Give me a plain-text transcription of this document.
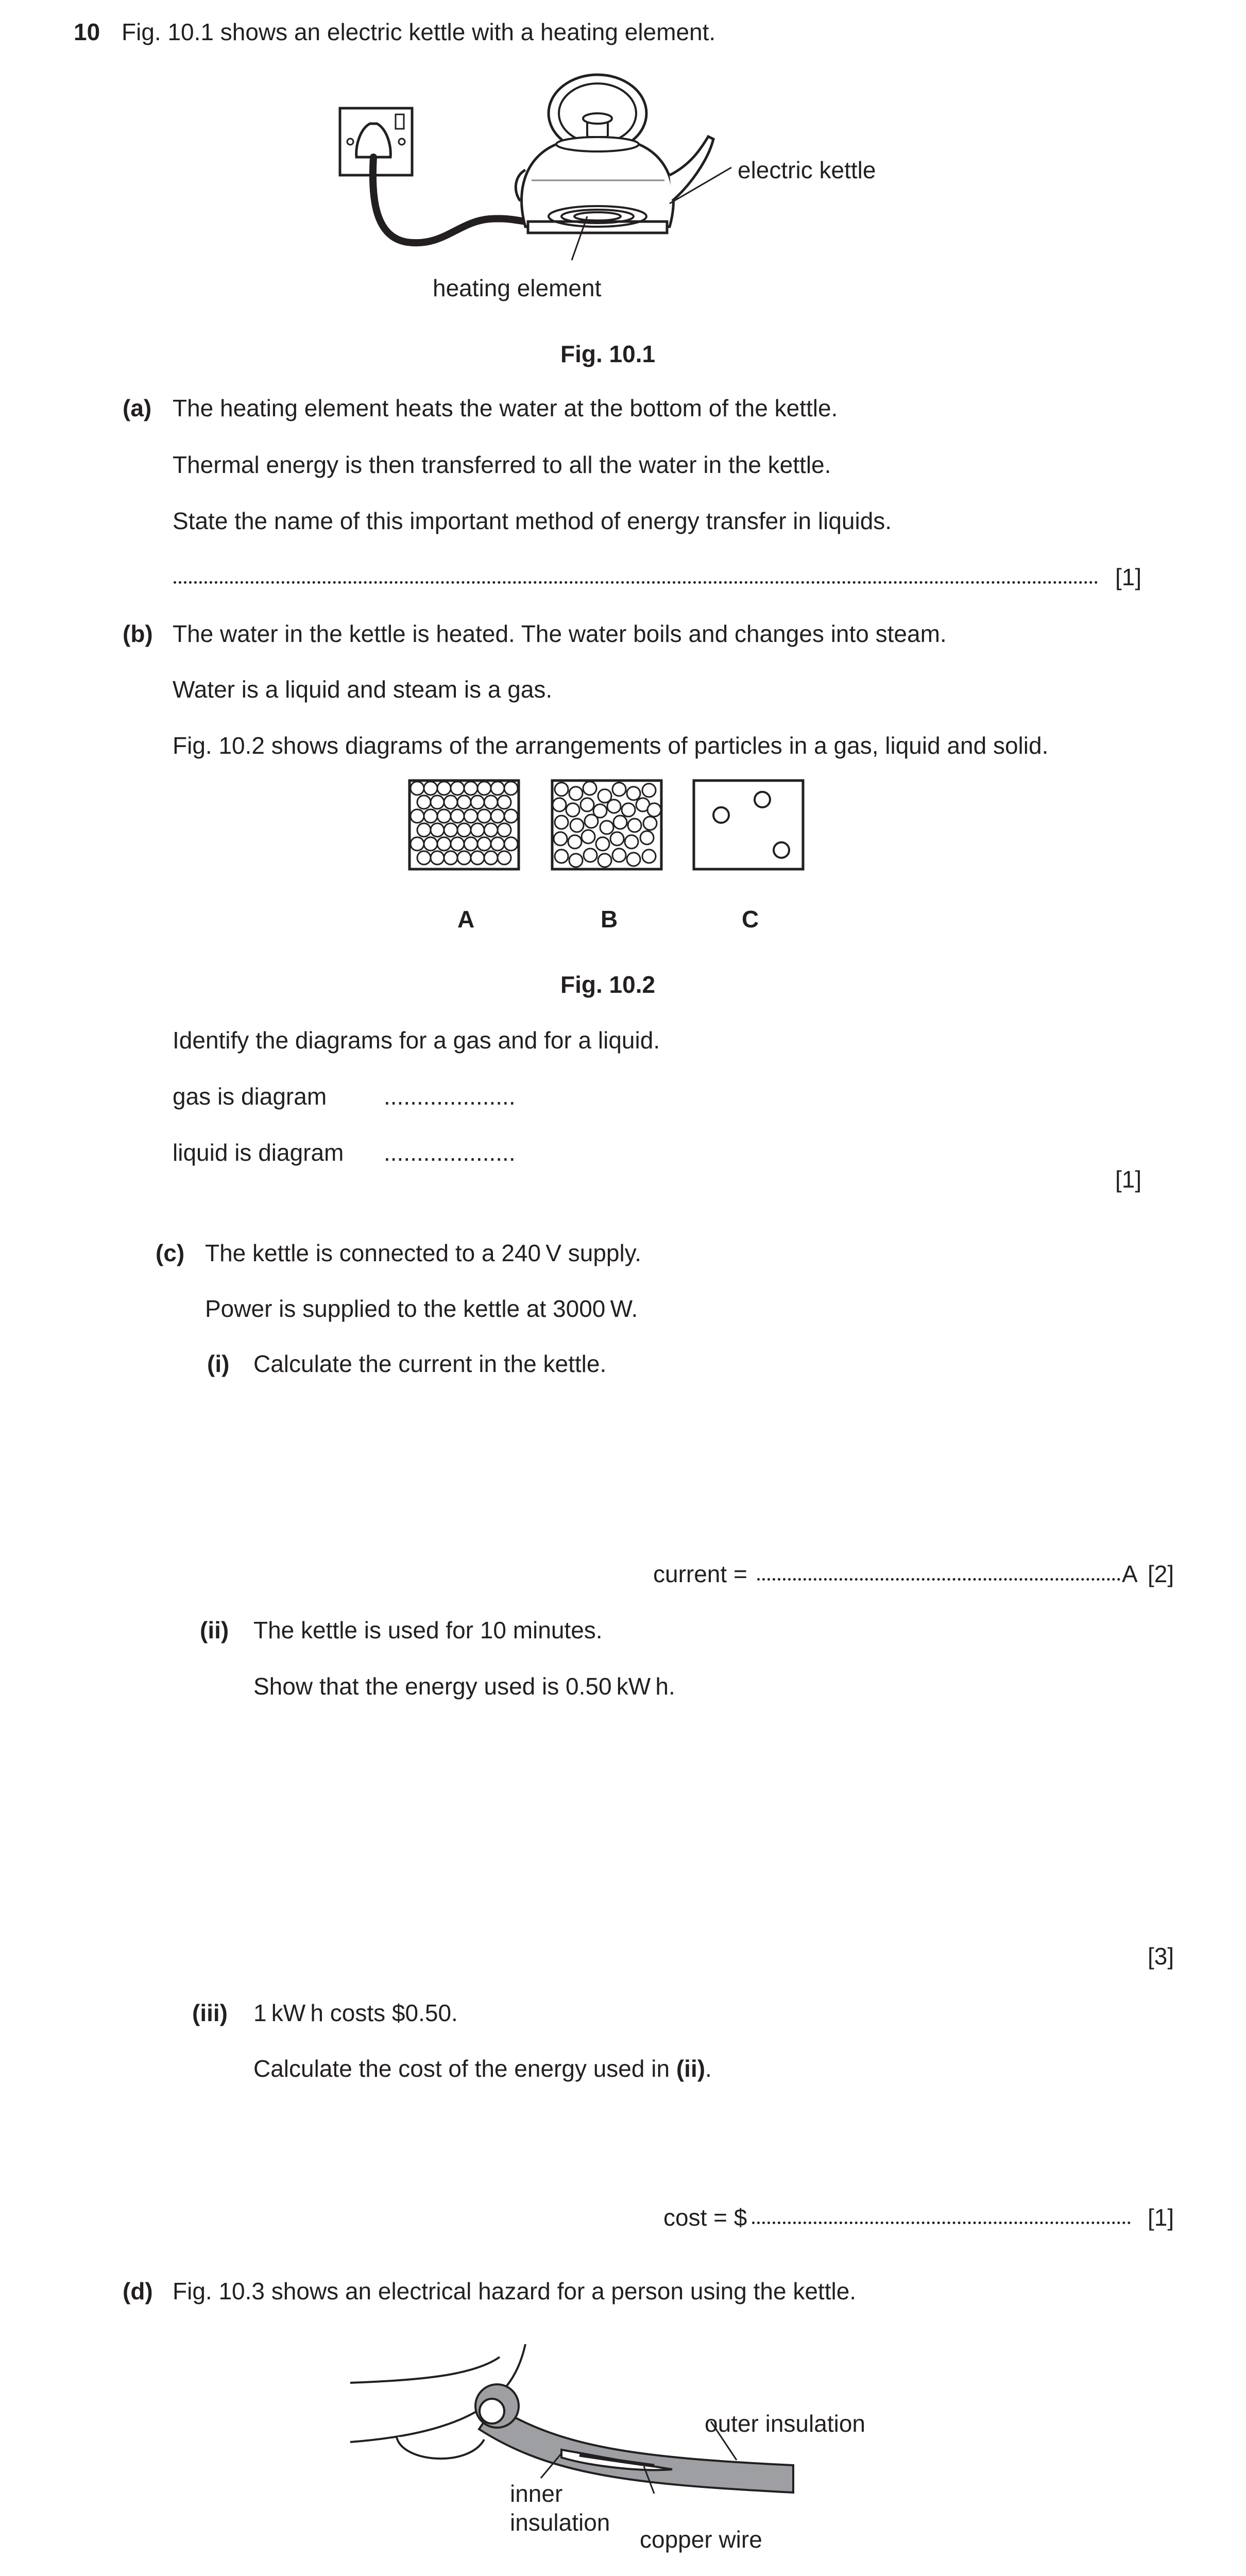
10 Fig. 10.1 shows an electric kettle with a heating element.
electric kettle
heating element
Fig. 10.1
(a) The heating element heats the water at the bottom of the kettle.
Thermal energy is then transferred to all the water in the kettle.
State the name of this important method of energy transfer in liquids.
[1]
(b) The water in the kettle is heated. The water boils and changes into steam.
Water is a liquid and steam is a gas.
Fig. 10.2 shows diagrams of the arrangements of particles in a gas, liquid and solid.
A	B	C
Fig. 10.2
Identify the diagrams for a gas and for a liquid.
gas is diagram ....................
liquid is diagram ....................
[1]
(c) The kettle is connected to a 240 V supply.
Power is supplied to the kettle at 3000 W.
(i) Calculate the current in the kettle.
current =	A [2]
(ii) The kettle is used for 10 minutes.
Show that the energy used is 0.50 kW h.
[3]
(iii) 1 kW h costs $0.50.
Calculate the cost of the energy used in (ii).
cost = $	[1]
(d) Fig. 10.3 shows an electrical hazard for a person using the kettle.
outer insulation
inner
insulation
copper wire
